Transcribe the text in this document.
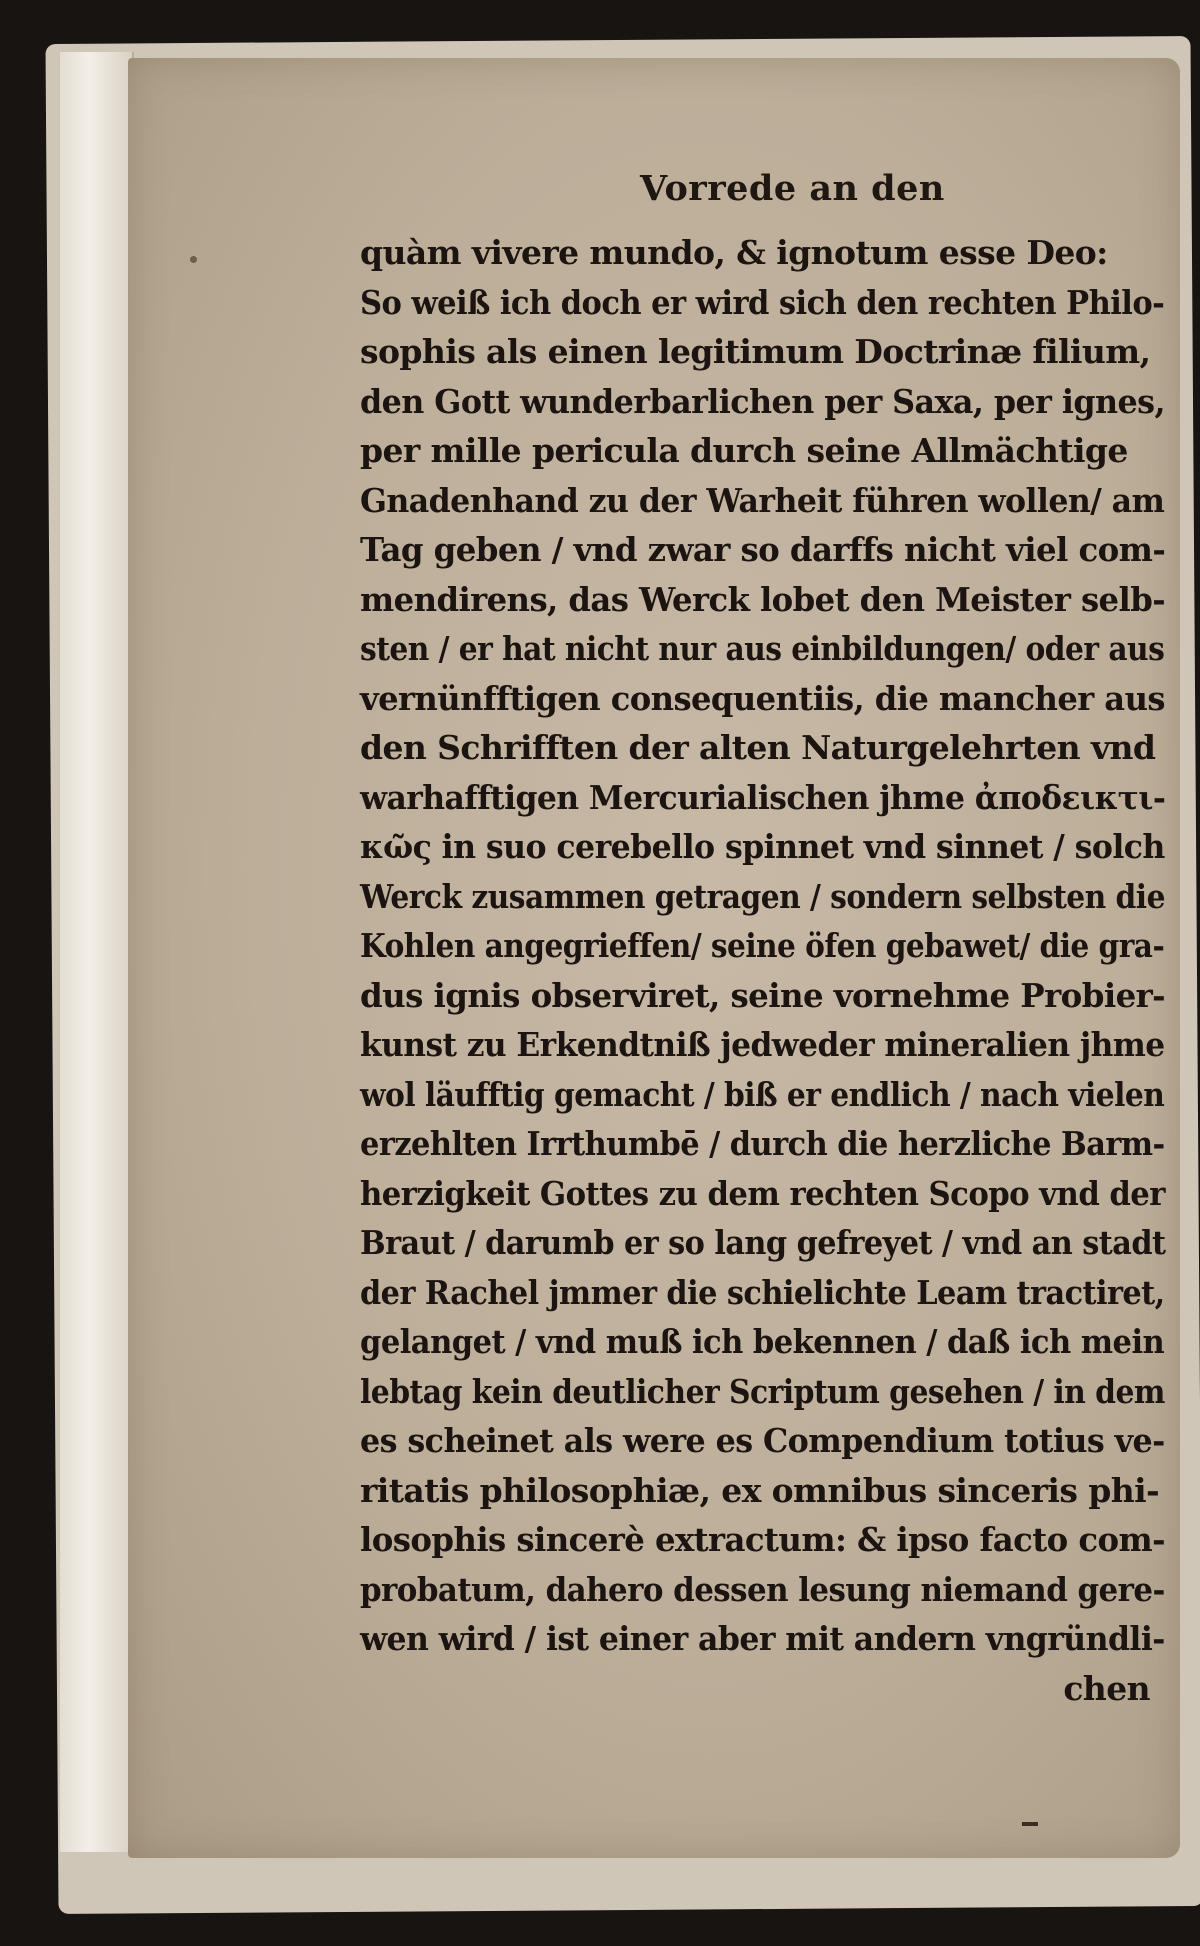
Vorrede an den
quàm vivere mundo, & ignotum esse Deo:
So weiß ich doch er wird sich den rechten Philo-
sophis als einen legitimum Doctrinæ filium,
den Gott wunderbarlichen per Saxa, per ignes,
per mille pericula durch seine Allmächtige
Gnadenhand zu der Warheit führen wollen/ am
Tag geben / vnd zwar so darffs nicht viel com-
mendirens, das Werck lobet den Meister selb-
sten / er hat nicht nur aus einbildungen/ oder aus
vernünfftigen consequentiis, die mancher aus
den Schrifften der alten Naturgelehrten vnd
warhafftigen Mercurialischen jhme ἀποδεικτι-
κῶς in suo cerebello spinnet vnd sinnet / solch
Werck zusammen getragen / sondern selbsten die
Kohlen angegrieffen/ seine öfen gebawet/ die gra-
dus ignis observiret, seine vornehme Probier-
kunst zu Erkendtniß jedweder mineralien jhme
wol läufftig gemacht / biß er endlich / nach vielen
erzehlten Irrthumbē / durch die herzliche Barm-
herzigkeit Gottes zu dem rechten Scopo vnd der
Braut / darumb er so lang gefreyet / vnd an stadt
der Rachel jmmer die schielichte Leam tractiret,
gelanget / vnd muß ich bekennen / daß ich mein
lebtag kein deutlicher Scriptum gesehen / in dem
es scheinet als were es Compendium totius ve-
ritatis philosophiæ, ex omnibus sinceris phi-
losophis sincerè extractum: & ipso facto com-
probatum, dahero dessen lesung niemand gere-
wen wird / ist einer aber mit andern vngründli-
chen
